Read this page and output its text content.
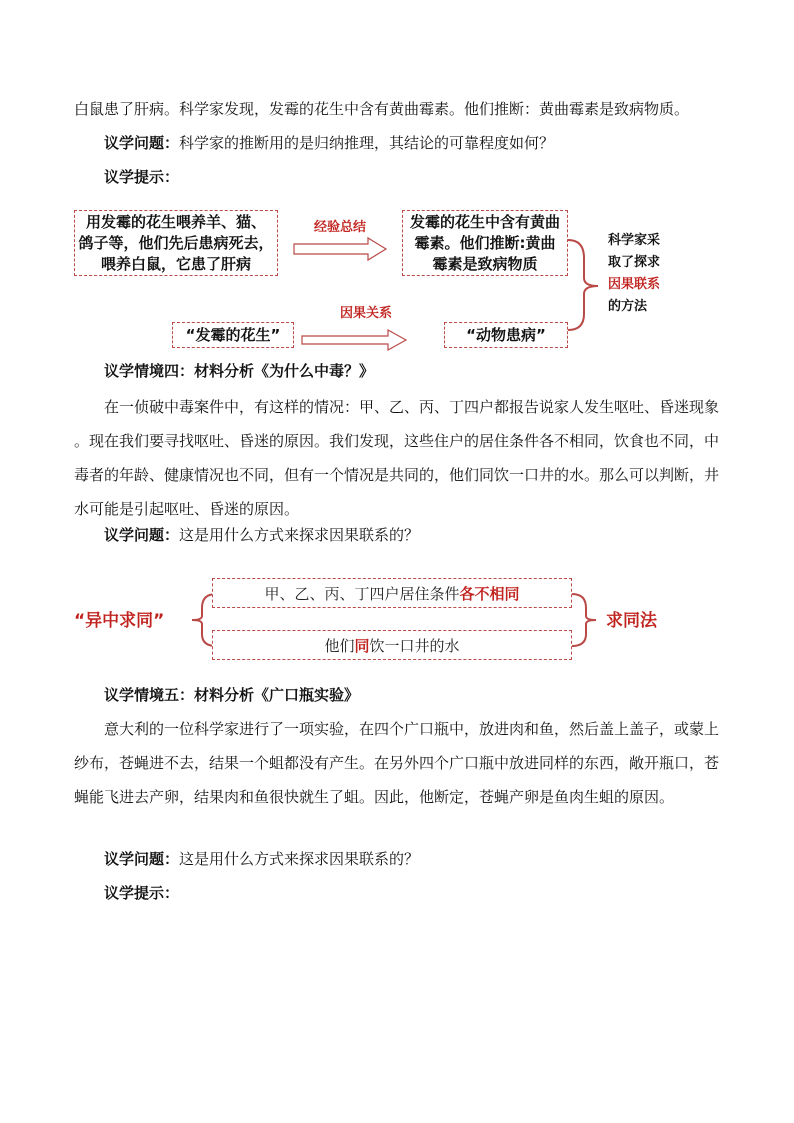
白鼠患了肝病。科学家发现，发霉的花生中含有黄曲霉素。他们推断：黄曲霉素是致病物质。

议学问题：科学家的推断用的是归纳推理，其结论的可靠程度如何？

议学提示：

用发霉的花生喂养羊、猫、
鸽子等，他们先后患病死去，
喂养白鼠，它患了肝病
经验总结	发霉的花生中含有黄曲
霉素。他们推断:黄曲
霉素是致病物质
科学家采
取了探求
因果联系
的方法
“发霉的花生”
因果关系
“动物患病”

议学情境四：材料分析《为什么中毒？》

在一侦破中毒案件中，有这样的情况：甲、乙、丙、丁四户都报告说家人发生呕吐、昏迷现象 。现在我们要寻找呕吐、昏迷的原因。我们发现，这些住户的居住条件各不相同，饮食也不同，中毒者的年龄、健康情况也不同，但有一个情况是共同的，他们同饮一口井的水。那么可以判断，井水可能是引起呕吐、昏迷的原因。

议学问题：这是用什么方式来探求因果联系的？

“异中求同”
甲、乙、丙、丁四户居住条件 各不相同
他们 同 饮一口井的水
求同法

议学情境五：材料分析《广口瓶实验》

意大利的一位科学家进行了一项实验，在四个广口瓶中，放进肉和鱼，然后盖上盖子，或蒙上纱布，苍蝇进不去，结果一个蛆都没有产生。在另外四个广口瓶中放进同样的东西，敞开瓶口，苍蝇能飞进去产卵，结果肉和鱼很快就生了蛆。因此，他断定，苍蝇产卵是鱼肉生蛆的原因。

议学问题：这是用什么方式来探求因果联系的？

议学提示：
